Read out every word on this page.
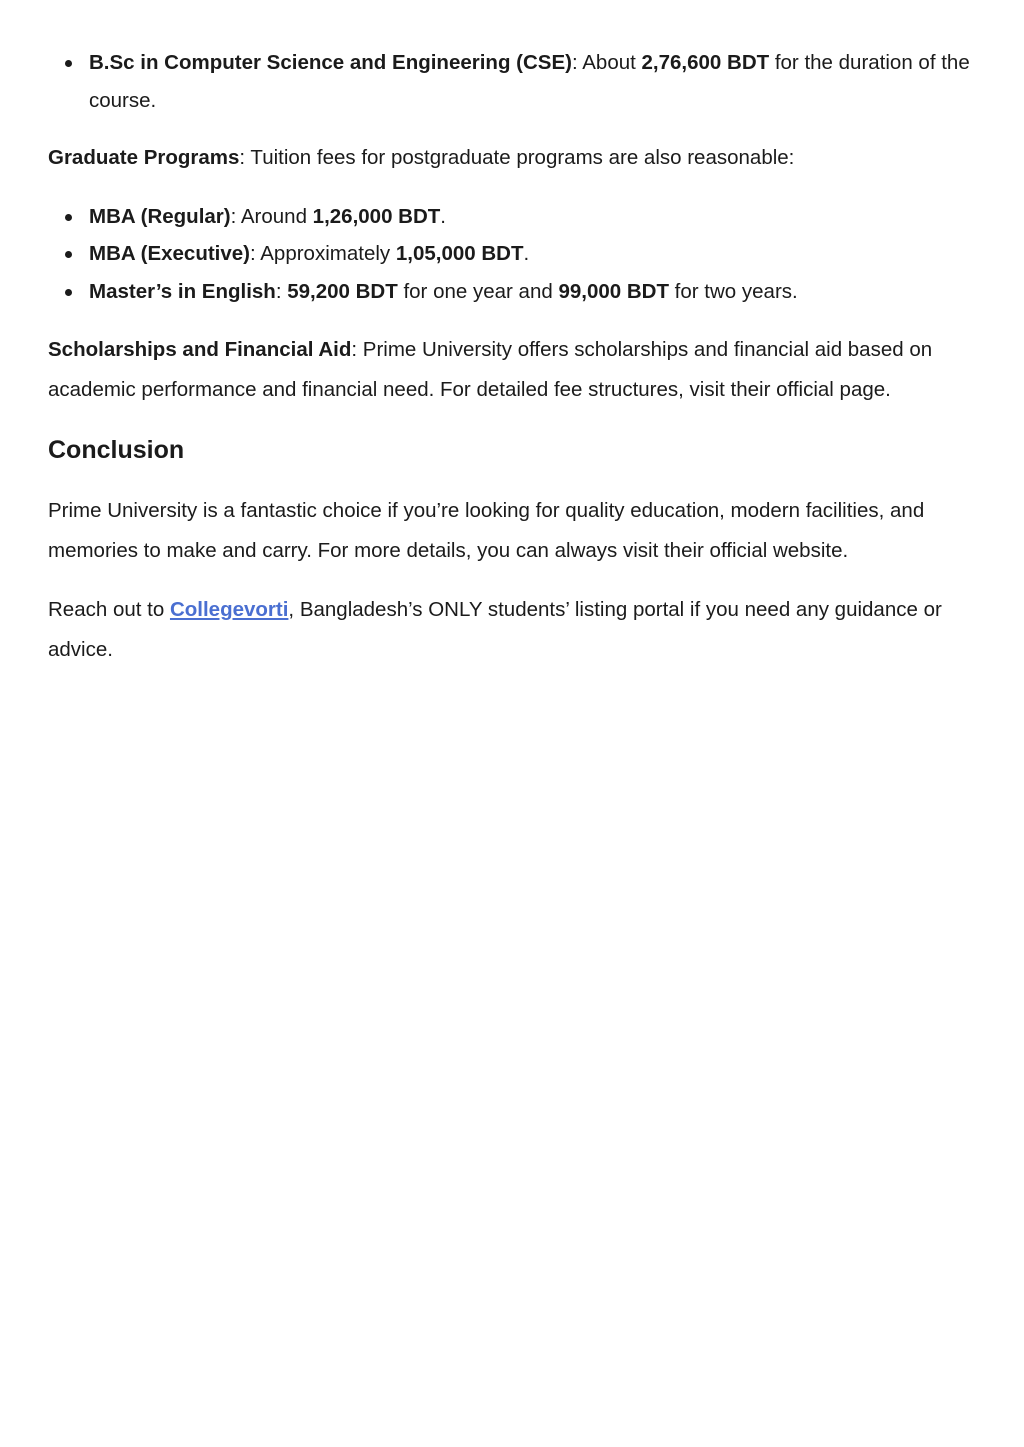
B.Sc in Computer Science and Engineering (CSE): About 2,76,600 BDT for the duration of the course.

Graduate Programs: Tuition fees for postgraduate programs are also reasonable:

MBA (Regular): Around 1,26,000 BDT.
MBA (Executive): Approximately 1,05,000 BDT.
Master’s in English: 59,200 BDT for one year and 99,000 BDT for two years.

Scholarships and Financial Aid: Prime University offers scholarships and financial aid based on academic performance and financial need. For detailed fee structures, visit their official page.

Conclusion

Prime University is a fantastic choice if you’re looking for quality education, modern facilities, and memories to make and carry. For more details, you can always visit their official website.

Reach out to Collegevorti, Bangladesh’s ONLY students’ listing portal if you need any guidance or advice.
